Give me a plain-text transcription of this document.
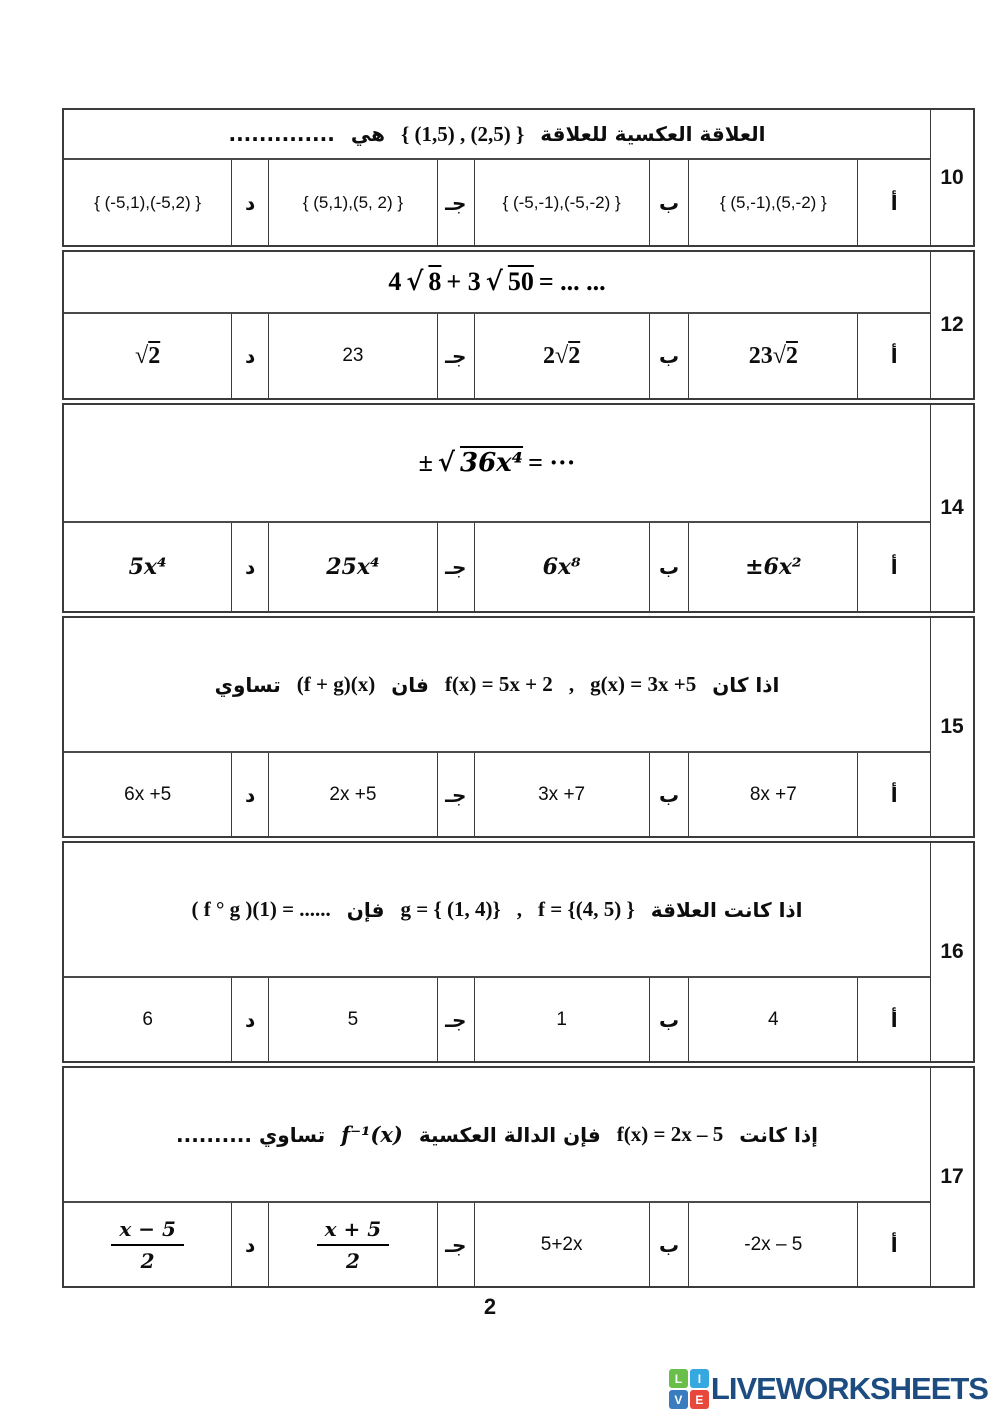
العلاقة العكسية للعلاقة
{ (1,5) , (2,5) }
هي
..............
أ
{ (5,-1),(5,-2) }
ب
{ (-5,-1),(-5,-2) }
جـ
{ (5,1),(5, 2) }
د
{ (-5,1),(-5,2) }
10
4 √ 8 + 3 √ 50 = ... ...
أ
23√2
ب
2√2
جـ
23
د
√2
12
± √ 36x⁴ = ···
أ
±6x²
ب
6x⁸
جـ
25x⁴
د
5x⁴
14
اذا كان
g(x) = 3x +5
,
f(x) = 5x + 2
فان
(f + g)(x)
تساوي
أ
8x +7
ب
3x +7
جـ
2x +5
د
6x +5
15
اذا كانت العلاقة
f = {(4, 5) }
,
g = { (1, 4)}
فإن
( f ° g )(1) = ......
أ
4
ب
1
جـ
5
د
6
16
إذا كانت
f(x) = 2x – 5
فإن الدالة العكسية
f⁻¹(x)
تساوي ..........
أ
-2x – 5
ب
5+2x
جـ
$\frac{x + 5}{2}$
د
$\frac{x - 5}{2}$
17
2
L	I
V	E LIVEWORKSHEETS
